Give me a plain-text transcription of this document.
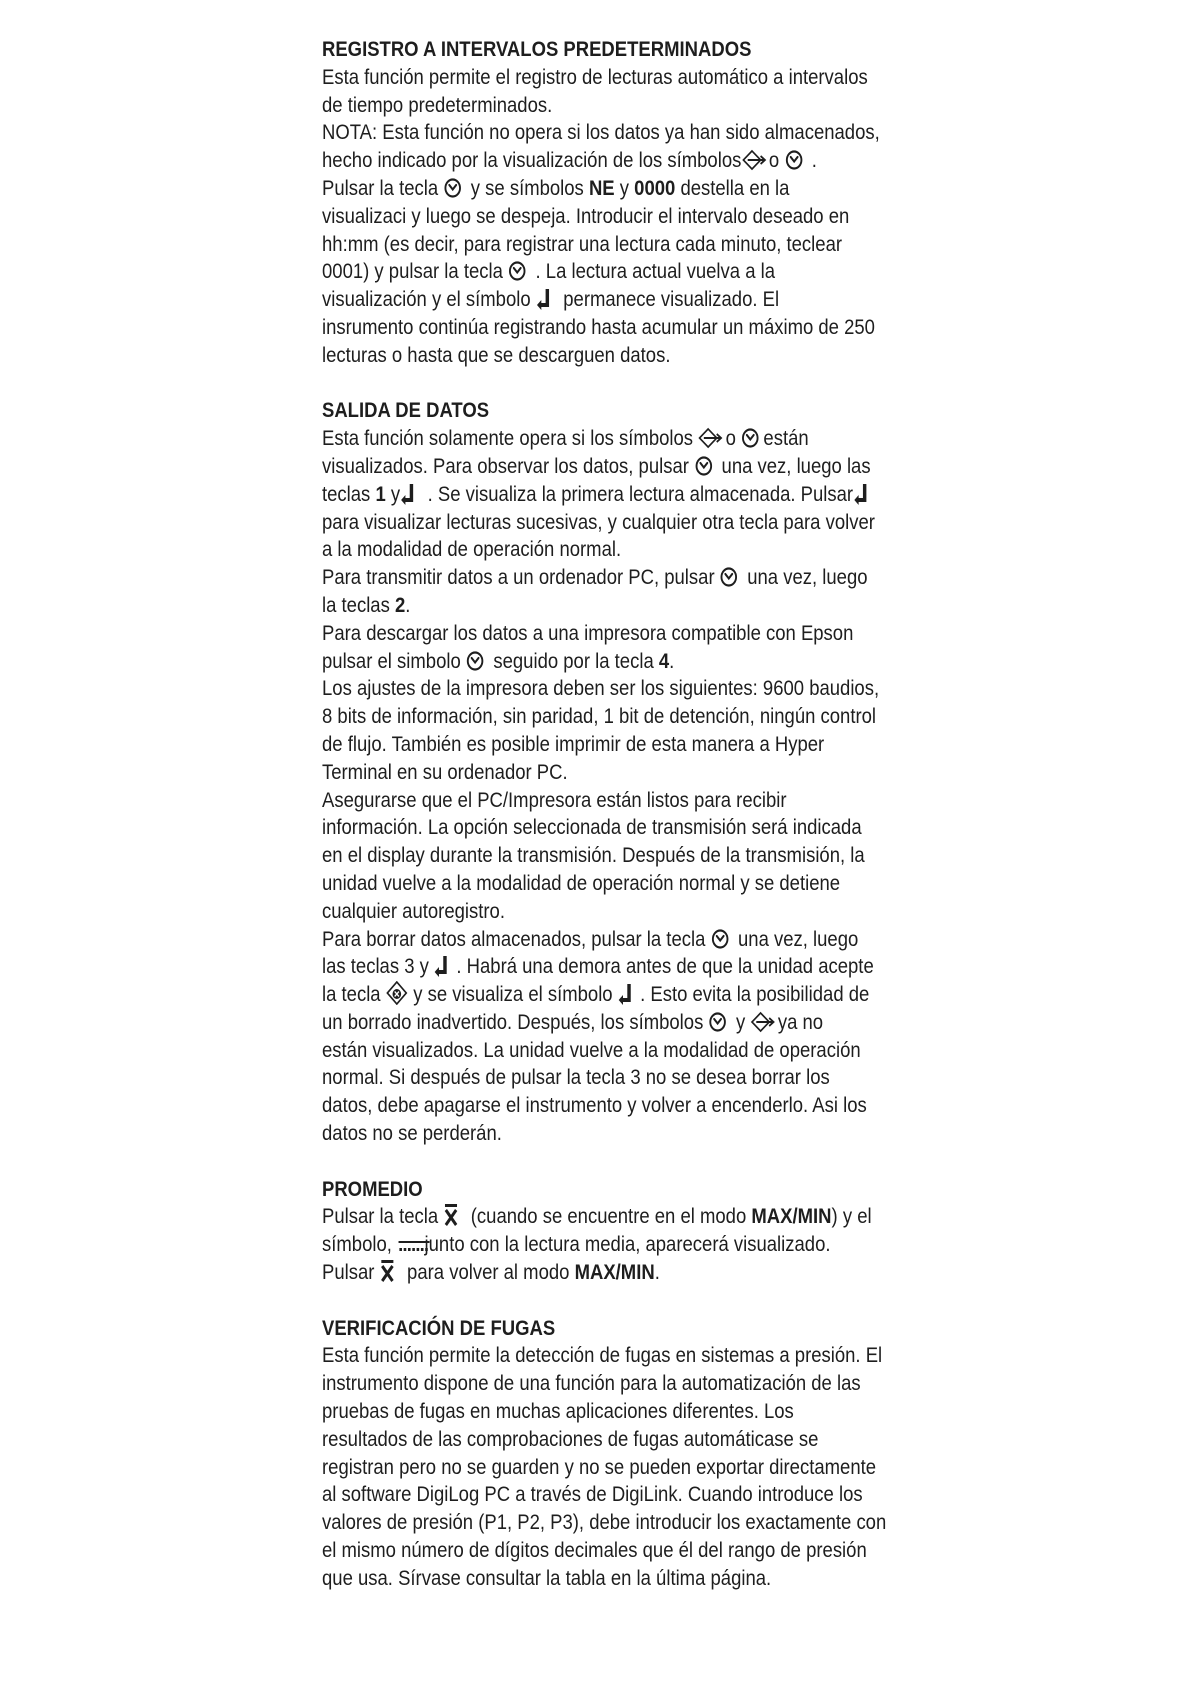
REGISTRO A INTERVALOS PREDETERMINADOS
Esta función permite el registro de lecturas automático a intervalos
de tiempo predeterminados.
NOTA: Esta función no opera si los datos ya han sido almacenados,
hecho indicado por la visualización de los símbolos o  .
Pulsar la tecla  y se símbolos NE y 0000 destella en la
visualizaci y luego se despeja. Introducir el intervalo deseado en
hh:mm (es decir, para registrar una lectura cada minuto, teclear
0001) y pulsar la tecla  . La lectura actual vuelva a la
visualización y el símbolo  permanece visualizado. El
insrumento continúa registrando hasta acumular un máximo de 250
lecturas o hasta que se descarguen datos.
SALIDA DE DATOS
Esta función solamente opera si los símbolos  o están
visualizados. Para observar los datos, pulsar  una vez, luego las
teclas 1 y . Se visualiza la primera lectura almacenada. Pulsar
para visualizar lecturas sucesivas, y cualquier otra tecla para volver
a la modalidad de operación normal.
Para transmitir datos a un ordenador PC, pulsar  una vez, luego
la teclas 2.
Para descargar los datos a una impresora compatible con Epson
pulsar el simbolo  seguido por la tecla 4.
Los ajustes de la impresora deben ser los siguientes: 9600 baudios,
8 bits de información, sin paridad, 1 bit de detención, ningún control
de flujo. También es posible imprimir de esta manera a Hyper
Terminal en su ordenador PC.
Asegurarse que el PC/Impresora están listos para recibir
información. La opción seleccionada de transmisión será indicada
en el display durante la transmisión. Después de la transmisión, la
unidad vuelve a la modalidad de operación normal y se detiene
cualquier autoregistro.
Para borrar datos almacenados, pulsar la tecla  una vez, luego
las teclas 3 y . Habrá una demora antes de que la unidad acepte
la tecla  y se visualiza el símbolo . Esto evita la posibilidad de
un borrado inadvertido. Después, los símbolos  y  ya no
están visualizados. La unidad vuelve a la modalidad de operación
normal. Si después de pulsar la tecla 3 no se desea borrar los
datos, debe apagarse el instrumento y volver a encenderlo. Asi los
datos no se perderán.
PROMEDIO
Pulsar la tecla  (cuando se encuentre en el modo MAX/MIN) y el
símbolo,  junto con la lectura media, aparecerá visualizado.
Pulsar  para volver al modo MAX/MIN.
VERIFICACIÓN DE FUGAS
Esta función permite la detección de fugas en sistemas a presión. El
instrumento dispone de una función para la automatización de las
pruebas de fugas en muchas aplicaciones diferentes. Los
resultados de las comprobaciones de fugas automáticase se
registran pero no se guarden y no se pueden exportar directamente
al software DigiLog PC a través de DigiLink. Cuando introduce los
valores de presión (P1, P2, P3), debe introducir los exactamente con
el mismo número de dígitos decimales que él del rango de presión
que usa. Sírvase consultar la tabla en la última página.
